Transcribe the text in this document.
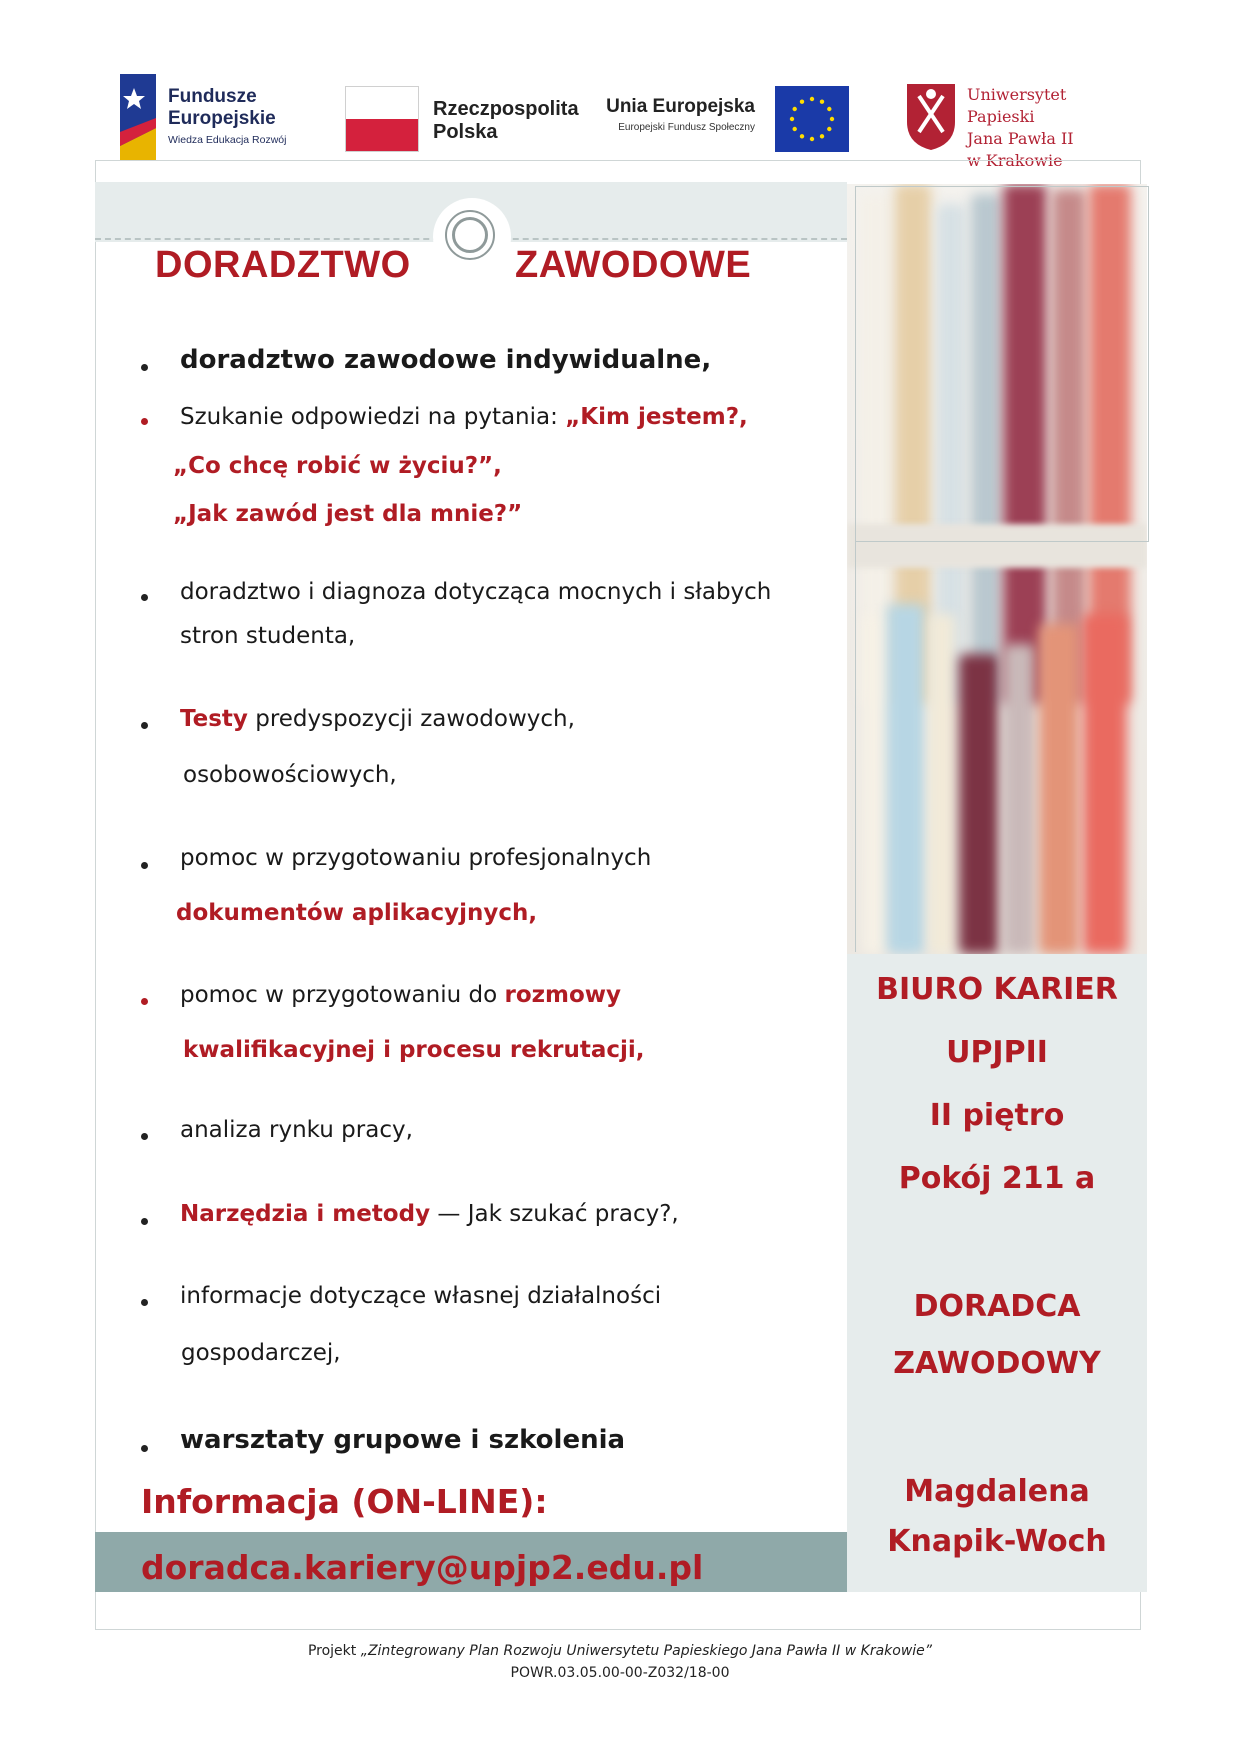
Fundusze
Europejskie
Wiedza Edukacja Rozwój
Rzeczpospolita
Polska
Unia Europejska
Europejski Fundusz Społeczny
Uniwersytet Papieski
Jana Pawła II
w Krakowie
DORADZTWO	ZAWODOWE
doradztwo zawodowe indywidualne,
Szukanie odpowiedzi na pytania: „Kim jestem?,
„Co chcę robić w życiu?”,
„Jak zawód jest dla mnie?”
doradztwo i diagnoza dotycząca mocnych i słabych
stron studenta,
Testy predyspozycji zawodowych,
osobowościowych,
pomoc w przygotowaniu profesjonalnych
dokumentów aplikacyjnych,
pomoc w przygotowaniu do rozmowy
kwalifikacyjnej i procesu rekrutacji,
analiza rynku pracy,
Narzędzia i metody — Jak szukać pracy?,
informacje dotyczące własnej działalności
gospodarczej,
warsztaty grupowe i szkolenia
Informacja (ON-LINE):
doradca.kariery@upjp2.edu.pl
BIURO KARIER
UPJPII
II piętro
Pokój 211 a
DORADCA
ZAWODOWY
Magdalena
Knapik-Woch
Projekt „Zintegrowany Plan Rozwoju Uniwersytetu Papieskiego Jana Pawła II w Krakowie”
POWR.03.05.00-00-Z032/18-00
